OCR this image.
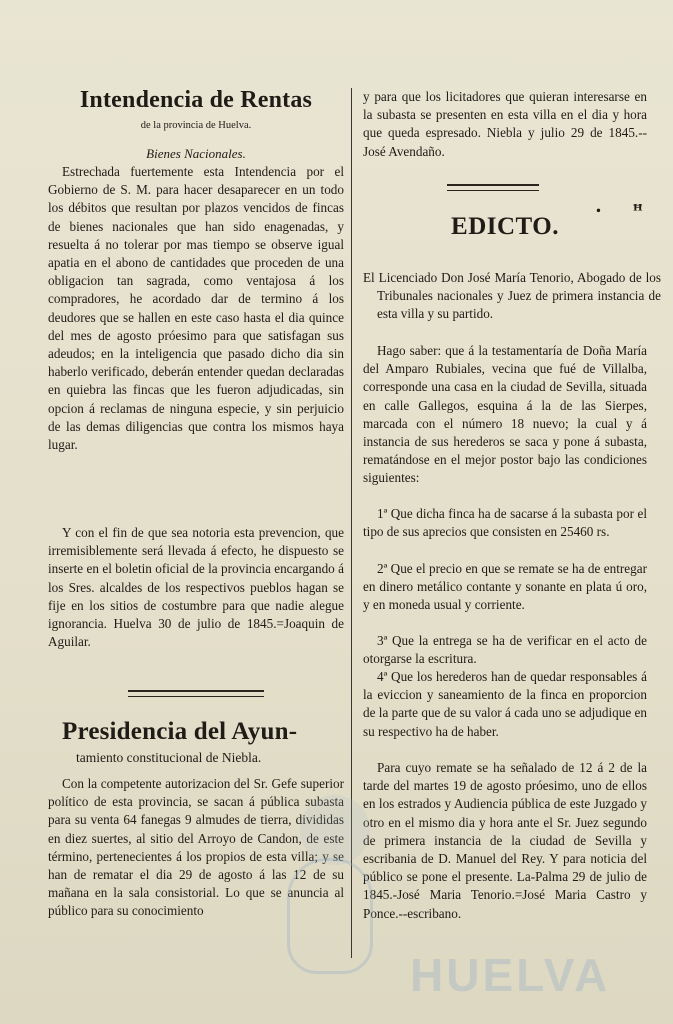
Intendencia de Rentas
de la provincia de Huelva.
Bienes Nacionales.

Estrechada fuertemente esta Intendencia por el Gobierno de S. M. para hacer desaparecer en un todo los débitos que resultan por plazos vencidos de fincas de bienes nacionales que han sido enagenadas, y resuelta á no tolerar por mas tiempo se observe igual apatia en el abono de cantidades que proceden de una obligacion tan sagrada, como ventajosa á los compradores, he acordado dar de termino á los deudores que se hallen en este caso hasta el dia quince del mes de agosto próesimo para que satisfagan sus adeudos; en la inteligencia que pasado dicho dia sin haberlo verificado, deberán entender quedan declaradas en quiebra las fincas que les fueron adjudicadas, sin opcion á reclamas de ninguna especie, y sin perjuicio de las demas diligencias que contra los mismos haya lugar.

Y con el fin de que sea notoria esta prevencion, que irremisiblemente será llevada á efecto, he dispuesto se inserte en el boletin oficial de la provincia encargando á los Sres. alcaldes de los respectivos pueblos hagan se fije en los sitios de costumbre para que nadie alegue ignorancia. Huelva 30 de julio de 1845.=Joaquin de Aguilar.

Presidencia del Ayun-
tamiento constitucional de Niebla.

Con la competente autorizacion del Sr. Gefe superior político de esta provincia, se sacan á pública subasta para su venta 64 fanegas 9 almudes de tierra, divididas en diez suertes, al sitio del Arroyo de Candon, de este término, pertenecientes á los propios de esta villa; y se han de rematar el dia 29 de agosto á las 12 de su mañana en la sala consistorial. Lo que se anuncia al público para su conocimiento

y para que los licitadores que quieran interesarse en la subasta se presenten en esta villa en el dia y hora que queda espresado. Niebla y julio 29 de 1845.--José Avendaño.

EDICTO.

El Licenciado Don José María Tenorio, Abogado de los Tribunales nacionales y Juez de primera instancia de esta villa y su partido.

Hago saber: que á la testamentaría de Doña María del Amparo Rubiales, vecina que fué de Villalba, corresponde una casa en la ciudad de Sevilla, situada en calle Gallegos, esquina á la de las Sierpes, marcada con el número 18 nuevo; la cual y á instancia de sus herederos se saca y pone á subasta, rematándose en el mejor postor bajo las condiciones siguientes:

1ª Que dicha finca ha de sacarse á la subasta por el tipo de sus aprecios que consisten en 25460 rs.

2ª Que el precio en que se remate se ha de entregar en dinero metálico contante y sonante en plata ú oro, y en moneda usual y corriente.

3ª Que la entrega se ha de verificar en el acto de otorgarse la escritura.

4ª Que los herederos han de quedar responsables á la eviccion y saneamiento de la finca en proporcion de la parte que de su valor á cada uno se adjudique en su respectivo ha de haber.

Para cuyo remate se ha señalado de 12 á 2 de la tarde del martes 19 de agosto próesimo, uno de ellos en los estrados y Audiencia pública de este Juzgado y otro en el mismo dia y hora ante el Sr. Juez segundo de primera instancia de la ciudad de Sevilla y escribania de D. Manuel del Rey. Y para noticia del público se pone el presente. La-Palma 29 de julio de 1845.-José Maria Tenorio.=José Maria Castro y Ponce.--escribano.

ꞏ ꟸ
HUELVA
